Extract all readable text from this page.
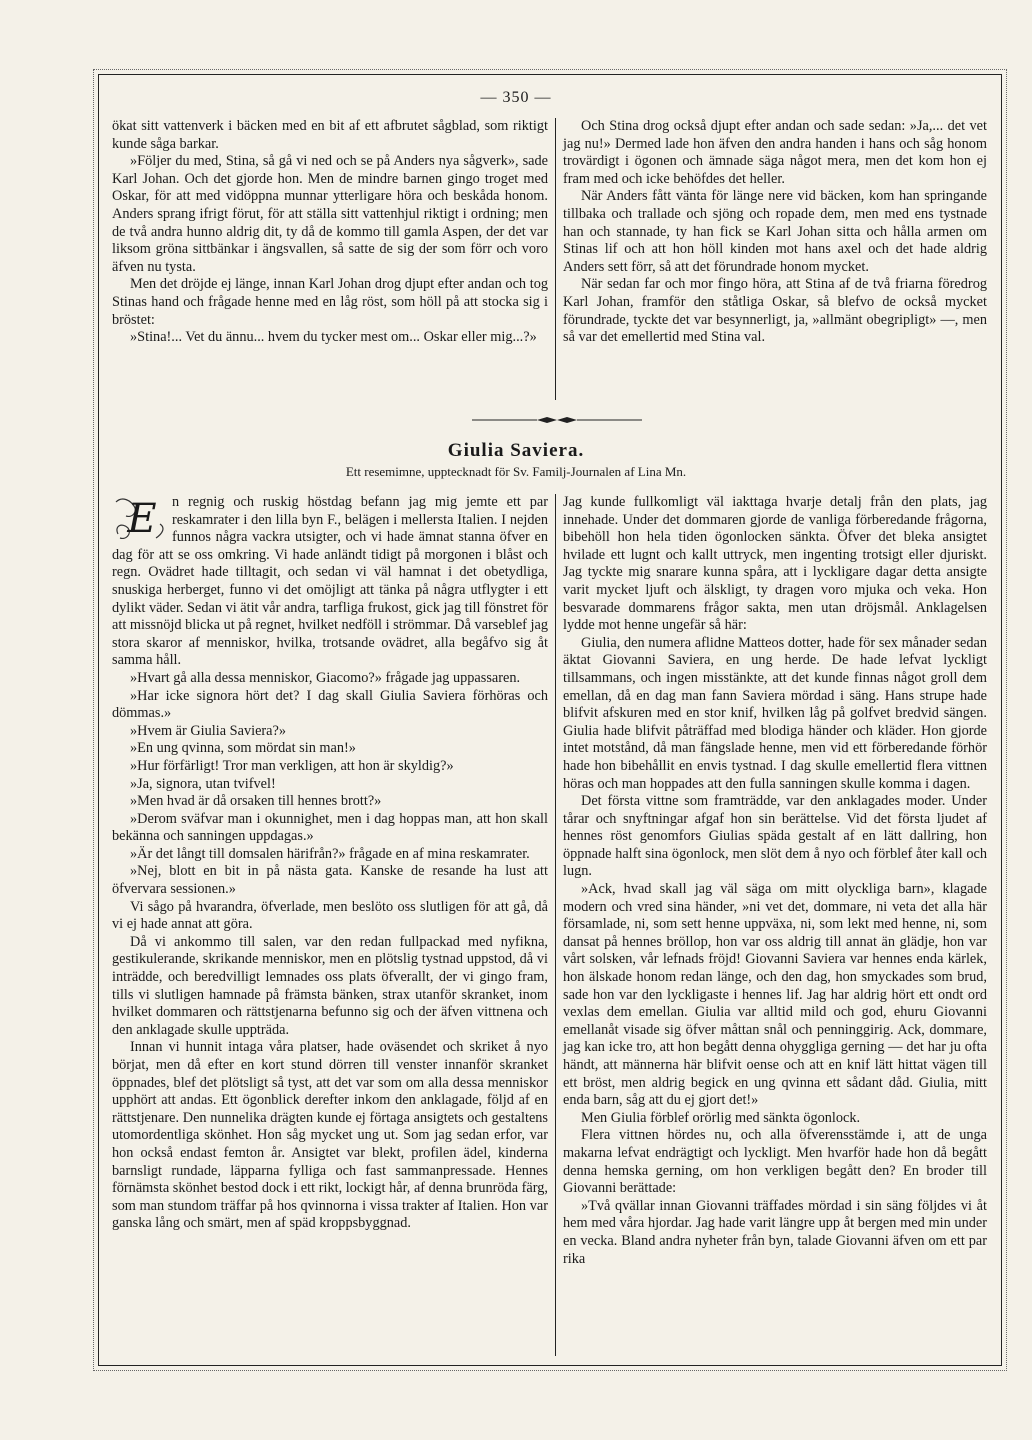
— 350 —

ökat sitt vattenverk i bäcken med en bit af ett afbrutet sågblad, som riktigt kunde såga barkar.

»Följer du med, Stina, så gå vi ned och se på Anders nya sågverk», sade Karl Johan. Och det gjorde hon. Men de mindre barnen gingo troget med Oskar, för att med vidöppna munnar ytterligare höra och beskåda honom. Anders sprang ifrigt förut, för att ställa sitt vattenhjul riktigt i ordning; men de två andra hunno aldrig dit, ty då de kommo till gamla Aspen, der det var liksom gröna sittbänkar i ängsvallen, så satte de sig der som förr och voro äfven nu tysta.

Men det dröjde ej länge, innan Karl Johan drog djupt efter andan och tog Stinas hand och frågade henne med en låg röst, som höll på att stocka sig i bröstet:

»Stina!... Vet du ännu... hvem du tycker mest om... Oskar eller mig...?»

Och Stina drog också djupt efter andan och sade sedan: »Ja,... det vet jag nu!» Dermed lade hon äfven den andra handen i hans och såg honom trovärdigt i ögonen och ämnade säga något mera, men det kom hon ej fram med och icke behöfdes det heller.

När Anders fått vänta för länge nere vid bäcken, kom han springande tillbaka och trallade och sjöng och ropade dem, men med ens tystnade han och stannade, ty han fick se Karl Johan sitta och hålla armen om Stinas lif och att hon höll kinden mot hans axel och det hade aldrig Anders sett förr, så att det förundrade honom mycket.

När sedan far och mor fingo höra, att Stina af de två friarna föredrog Karl Johan, framför den ståtliga Oskar, så blefvo de också mycket förundrade, tyckte det var besynnerligt, ja, »allmänt obegripligt» —, men så var det emellertid med Stina val.

Giulia Saviera.
Ett resemimne, upptecknadt för Sv. Familj-Journalen af Lina Mn.

E n regnig och ruskig höstdag befann jag mig jemte ett par reskamrater i den lilla byn F., belägen i mellersta Italien. I nejden funnos några vackra utsigter, och vi hade ämnat stanna öfver en dag för att se oss omkring. Vi hade anländt tidigt på morgonen i blåst och regn. Ovädret hade tilltagit, och sedan vi väl hamnat i det obetydliga, snuskiga herberget, funno vi det omöjligt att tänka på några utflygter i ett dylikt väder. Sedan vi ätit vår andra, tarfliga frukost, gick jag till fönstret för att missnöjd blicka ut på regnet, hvilket nedföll i strömmar. Då varseblef jag stora skaror af menniskor, hvilka, trotsande ovädret, alla begåfvo sig åt samma håll.

»Hvart gå alla dessa menniskor, Giacomo?» frågade jag uppassaren.

»Har icke signora hört det? I dag skall Giulia Saviera förhöras och dömmas.»

»Hvem är Giulia Saviera?»

»En ung qvinna, som mördat sin man!»

»Hur förfärligt! Tror man verkligen, att hon är skyldig?»

»Ja, signora, utan tvifvel!

»Men hvad är då orsaken till hennes brott?»

»Derom sväfvar man i okunnighet, men i dag hoppas man, att hon skall bekänna och sanningen uppdagas.»

»Är det långt till domsalen härifrån?» frågade en af mina reskamrater.

»Nej, blott en bit in på nästa gata. Kanske de resande ha lust att öfvervara sessionen.»

Vi sågo på hvarandra, öfverlade, men beslöto oss slutligen för att gå, då vi ej hade annat att göra.

Då vi ankommo till salen, var den redan fullpackad med nyfikna, gestikulerande, skrikande menniskor, men en plötslig tystnad uppstod, då vi inträdde, och beredvilligt lemnades oss plats öfverallt, der vi gingo fram, tills vi slutligen hamnade på främsta bänken, strax utanför skranket, inom hvilket dommaren och rättstjenarna befunno sig och der äfven vittnena och den anklagade skulle uppträda.

Innan vi hunnit intaga våra platser, hade oväsendet och skriket å nyo börjat, men då efter en kort stund dörren till venster innanför skranket öppnades, blef det plötsligt så tyst, att det var som om alla dessa menniskor upphört att andas. Ett ögonblick derefter inkom den anklagade, följd af en rättstjenare. Den nunnelika drägten kunde ej förtaga ansigtets och gestaltens utomordentliga skönhet. Hon såg mycket ung ut. Som jag sedan erfor, var hon också endast femton år. Ansigtet var blekt, profilen ädel, kinderna barnsligt rundade, läpparna fylliga och fast sammanpressade. Hennes förnämsta skönhet bestod dock i ett rikt, lockigt hår, af denna brunröda färg, som man stundom träffar på hos qvinnorna i vissa trakter af Italien. Hon var ganska lång och smärt, men af späd kroppsbyggnad.

Jag kunde fullkomligt väl iakttaga hvarje detalj från den plats, jag innehade. Under det dommaren gjorde de vanliga förberedande frågorna, bibehöll hon hela tiden ögonlocken sänkta. Öfver det bleka ansigtet hvilade ett lugnt och kallt uttryck, men ingenting trotsigt eller djuriskt. Jag tyckte mig snarare kunna spåra, att i lyckligare dagar detta ansigte varit mycket ljuft och älskligt, ty dragen voro mjuka och veka. Hon besvarade dommarens frågor sakta, men utan dröjsmål. Anklagelsen lydde mot henne ungefär så här:

Giulia, den numera aflidne Matteos dotter, hade för sex månader sedan äktat Giovanni Saviera, en ung herde. De hade lefvat lyckligt tillsammans, och ingen misstänkte, att det kunde finnas något groll dem emellan, då en dag man fann Saviera mördad i säng. Hans strupe hade blifvit afskuren med en stor knif, hvilken låg på golfvet bredvid sängen. Giulia hade blifvit påträffad med blodiga händer och kläder. Hon gjorde intet motstånd, då man fängslade henne, men vid ett förberedande förhör hade hon bibehållit en envis tystnad. I dag skulle emellertid flera vittnen höras och man hoppades att den fulla sanningen skulle komma i dagen.

Det första vittne som framträdde, var den anklagades moder. Under tårar och snyftningar afgaf hon sin berättelse. Vid det första ljudet af hennes röst genomfors Giulias späda gestalt af en lätt dallring, hon öppnade halft sina ögonlock, men slöt dem å nyo och förblef åter kall och lugn.

»Ack, hvad skall jag väl säga om mitt olyckliga barn», klagade modern och vred sina händer, »ni vet det, dommare, ni veta det alla här församlade, ni, som sett henne uppväxa, ni, som lekt med henne, ni, som dansat på hennes bröllop, hon var oss aldrig till annat än glädje, hon var vårt solsken, vår lefnads fröjd! Giovanni Saviera var hennes enda kärlek, hon älskade honom redan länge, och den dag, hon smyckades som brud, sade hon var den lyckligaste i hennes lif. Jag har aldrig hört ett ondt ord vexlas dem emellan. Giulia var alltid mild och god, ehuru Giovanni emellanåt visade sig öfver måttan snål och penninggirig. Ack, dommare, jag kan icke tro, att hon begått denna ohyggliga gerning — det har ju ofta händt, att männerna här blifvit oense och att en knif lätt hittat vägen till ett bröst, men aldrig begick en ung qvinna ett sådant dåd. Giulia, mitt enda barn, såg att du ej gjort det!»

Men Giulia förblef orörlig med sänkta ögonlock.

Flera vittnen hördes nu, och alla öfverensstämde i, att de unga makarna lefvat endrägtigt och lyckligt. Men hvarför hade hon då begått denna hemska gerning, om hon verkligen begått den? En broder till Giovanni berättade:

»Två qvällar innan Giovanni träffades mördad i sin säng följdes vi åt hem med våra hjordar. Jag hade varit längre upp åt bergen med min under en vecka. Bland andra nyheter från byn, talade Giovanni äfven om ett par rika
